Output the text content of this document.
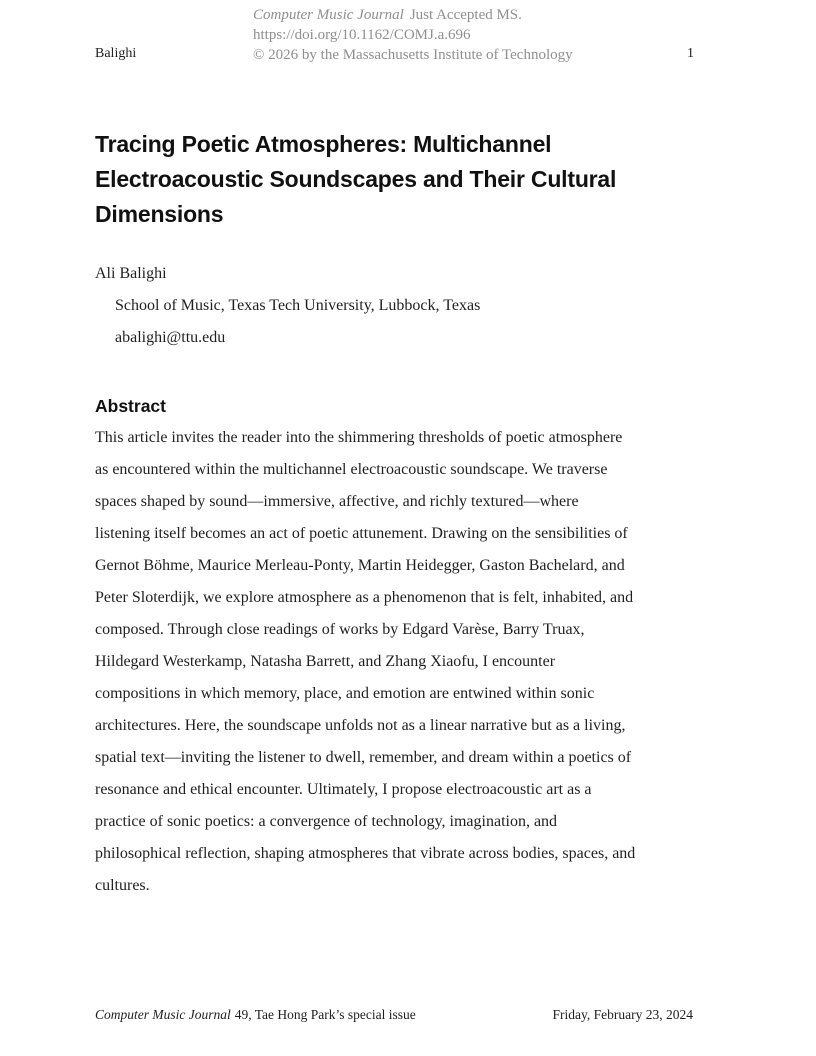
Computer Music Journal Just Accepted MS.
https://doi.org/10.1162/COMJ.a.696
© 2026 by the Massachusetts Institute of Technology
Balighi	1
Tracing Poetic Atmospheres: Multichannel Electroacoustic Soundscapes and Their Cultural Dimensions
Ali Balighi
School of Music, Texas Tech University, Lubbock, Texas
abalighi@ttu.edu
Abstract
This article invites the reader into the shimmering thresholds of poetic atmosphere
as encountered within the multichannel electroacoustic soundscape. We traverse
spaces shaped by sound—immersive, affective, and richly textured—where
listening itself becomes an act of poetic attunement. Drawing on the sensibilities of
Gernot Böhme, Maurice Merleau-Ponty, Martin Heidegger, Gaston Bachelard, and
Peter Sloterdijk, we explore atmosphere as a phenomenon that is felt, inhabited, and
composed. Through close readings of works by Edgard Varèse, Barry Truax,
Hildegard Westerkamp, Natasha Barrett, and Zhang Xiaofu, I encounter
compositions in which memory, place, and emotion are entwined within sonic
architectures. Here, the soundscape unfolds not as a linear narrative but as a living,
spatial text—inviting the listener to dwell, remember, and dream within a poetics of
resonance and ethical encounter. Ultimately, I propose electroacoustic art as a
practice of sonic poetics: a convergence of technology, imagination, and
philosophical reflection, shaping atmospheres that vibrate across bodies, spaces, and
cultures.
Computer Music Journal 49, Tae Hong Park’s special issue	Friday, February 23, 2024
